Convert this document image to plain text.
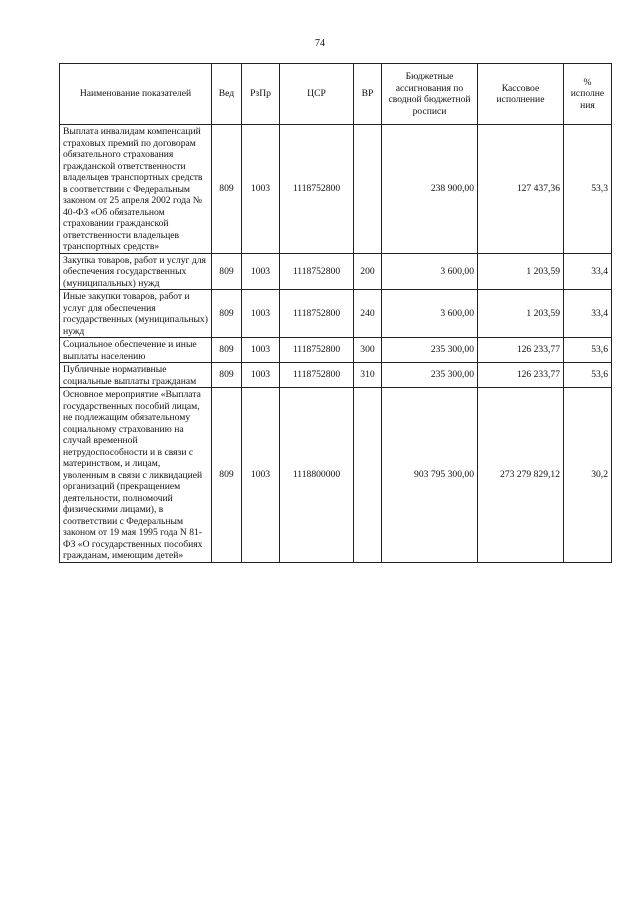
74
Наименование показателей	Вед	РзПр	ЦСР	ВР	Бюджетные ассигнования по сводной бюджетной росписи	Кассовое исполнение	% исполне ния
Выплата инвалидам компенсаций страховых премий по договорам обязательного страхования гражданской ответственности владельцев транспортных средств в соответствии с Федеральным законом от 25 апреля 2002 года № 40-ФЗ «Об обязательном страховании гражданской ответственности владельцев транспортных средств»	809	1003	1118752800		238 900,00	127 437,36	53,3
Закупка товаров, работ и услуг для обеспечения государственных (муниципальных) нужд	809	1003	1118752800	200	3 600,00	1 203,59	33,4
Иные закупки товаров, работ и услуг для обеспечения государственных (муниципальных) нужд	809	1003	1118752800	240	3 600,00	1 203,59	33,4
Социальное обеспечение и иные выплаты населению	809	1003	1118752800	300	235 300,00	126 233,77	53,6
Публичные нормативные социальные выплаты гражданам	809	1003	1118752800	310	235 300,00	126 233,77	53,6
Основное мероприятие «Выплата государственных пособий лицам, не подлежащим обязательному социальному страхованию на случай временной нетрудоспособности и в связи с материнством, и лицам, уволенным в связи с ликвидацией организаций (прекращением деятельности, полномочий физическими лицами), в соответствии с Федеральным законом от 19 мая 1995 года N 81-ФЗ «О государственных пособиях гражданам, имеющим детей»	809	1003	1118800000		903 795 300,00	273 279 829,12	30,2
